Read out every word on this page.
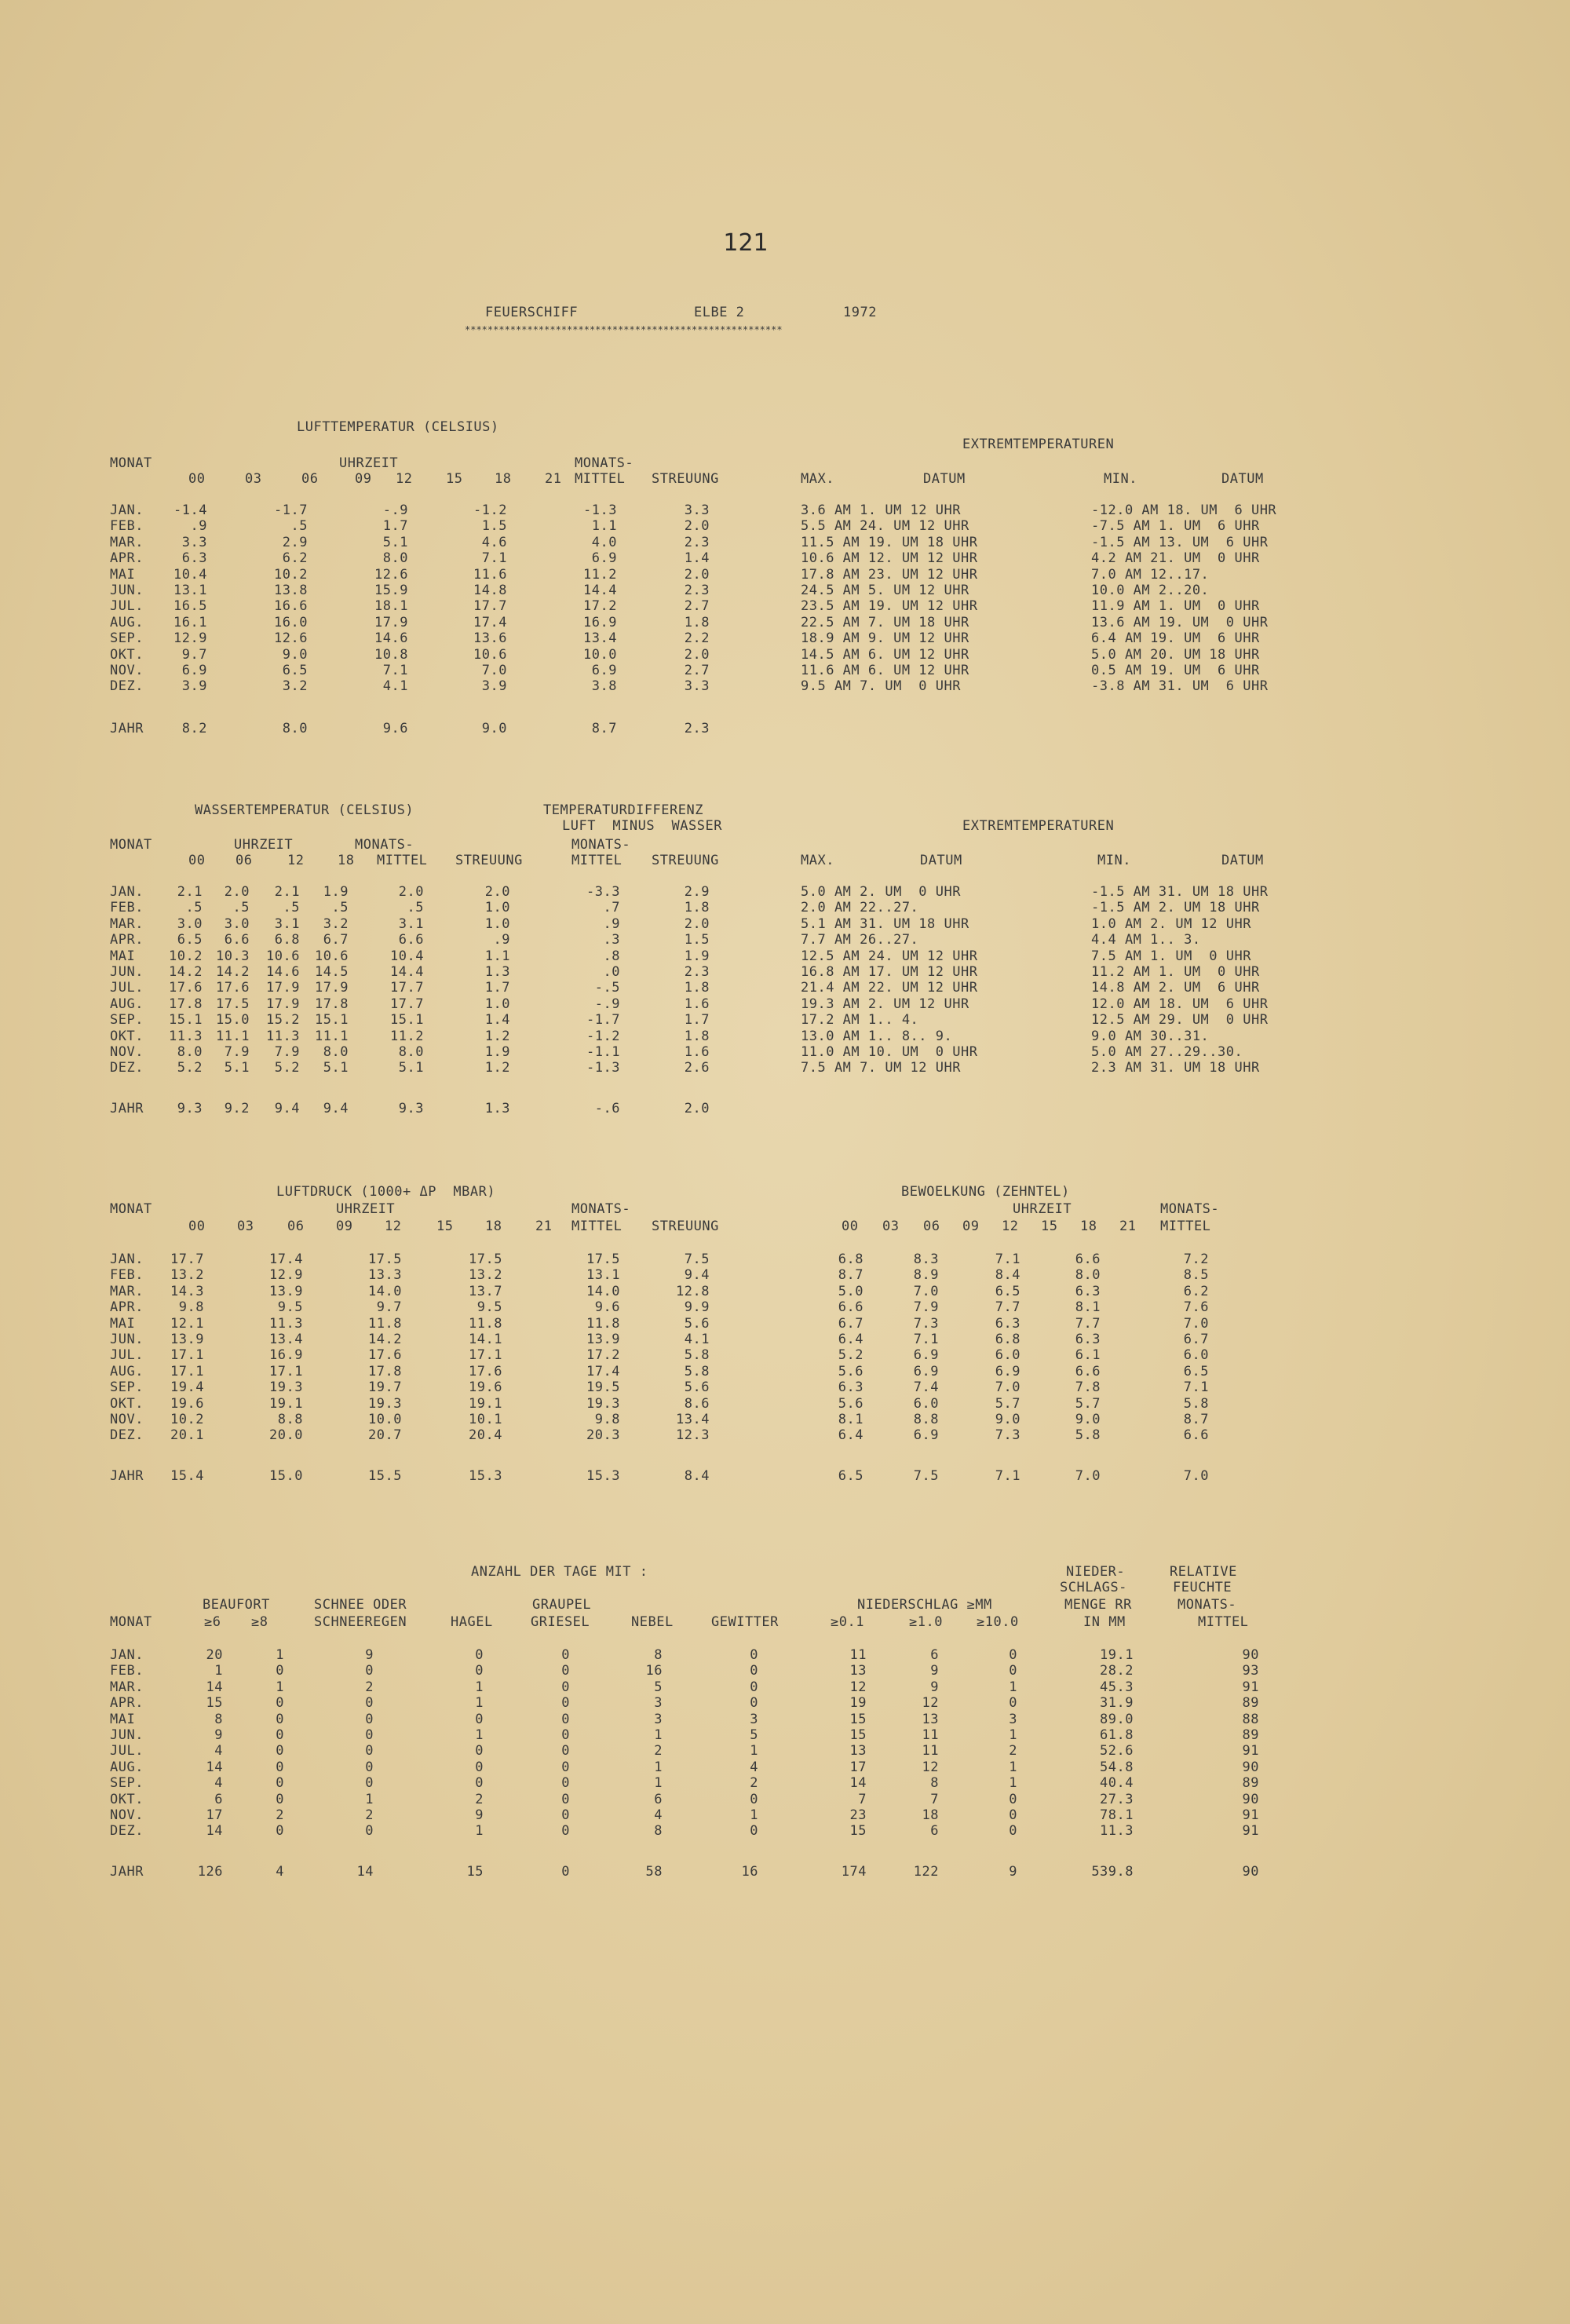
121
FEUERSCHIFF	ELBE 2	1972
********************************************************
LUFTTEMPERATUR (CELSIUS)
MONAT	UHRZEIT	MONATS-
00	03	06	09 12	15 18	21 MITTEL STREUUNG
EXTREMTEMPERATUREN
MAX.	DATUM	MIN.	DATUM
JAN.	-1.4	-1.7	-.9	-1.2	-1.3	3.3	3.6 AM 1. UM 12 UHR	-12.0 AM 18. UM  6 UHR
FEB.	.9	.5	1.7	1.5	1.1	2.0	5.5 AM 24. UM 12 UHR	-7.5 AM 1. UM  6 UHR
MAR.	3.3	2.9	5.1	4.6	4.0	2.3	11.5 AM 19. UM 18 UHR	-1.5 AM 13. UM  6 UHR
APR.	6.3	6.2	8.0	7.1	6.9	1.4	10.6 AM 12. UM 12 UHR	4.2 AM 21. UM  0 UHR
MAI	10.4	10.2	12.6	11.6	11.2	2.0	17.8 AM 23. UM 12 UHR	7.0 AM 12..17.
JUN.	13.1	13.8	15.9	14.8	14.4	2.3	24.5 AM 5. UM 12 UHR	10.0 AM 2..20.
JUL.	16.5	16.6	18.1	17.7	17.2	2.7	23.5 AM 19. UM 12 UHR	11.9 AM 1. UM  0 UHR
AUG.	16.1	16.0	17.9	17.4	16.9	1.8	22.5 AM 7. UM 18 UHR	13.6 AM 19. UM  0 UHR
SEP.	12.9	12.6	14.6	13.6	13.4	2.2	18.9 AM 9. UM 12 UHR	6.4 AM 19. UM  6 UHR
OKT.	9.7	9.0	10.8	10.6	10.0	2.0	14.5 AM 6. UM 12 UHR	5.0 AM 20. UM 18 UHR
NOV.	6.9	6.5	7.1	7.0	6.9	2.7	11.6 AM 6. UM 12 UHR	0.5 AM 19. UM  6 UHR
DEZ.	3.9	3.2	4.1	3.9	3.8	3.3	9.5 AM 7. UM  0 UHR	-3.8 AM 31. UM  6 UHR
JAHR	8.2	8.0	9.6	9.0	8.7	2.3
WASSERTEMPERATUR (CELSIUS)	TEMPERATURDIFFERENZ
LUFT  MINUS  WASSER	EXTREMTEMPERATUREN
MONAT	UHRZEIT	MONATS-	MONATS-
00 06	12	18 MITTEL STREUUNG	MITTEL STREUUNG	MAX.	DATUM	MIN.	DATUM
JAN.	2.1	2.0	2.1	1.9	2.0	2.0	-3.3	2.9	5.0 AM 2. UM  0 UHR	-1.5 AM 31. UM 18 UHR
FEB.	.5	.5	.5	.5	.5	1.0	.7	1.8	2.0 AM 22..27.	-1.5 AM 2. UM 18 UHR
MAR.	3.0	3.0	3.1	3.2	3.1	1.0	.9	2.0	5.1 AM 31. UM 18 UHR	1.0 AM 2. UM 12 UHR
APR.	6.5	6.6	6.8	6.7	6.6	.9	.3	1.5	7.7 AM 26..27.	4.4 AM 1.. 3.
MAI	10.2	10.3	10.6	10.6	10.4	1.1	.8	1.9	12.5 AM 24. UM 12 UHR	7.5 AM 1. UM  0 UHR
JUN.	14.2	14.2	14.6	14.5	14.4	1.3	.0	2.3	16.8 AM 17. UM 12 UHR	11.2 AM 1. UM  0 UHR
JUL.	17.6	17.6	17.9	17.9	17.7	1.7	-.5	1.8	21.4 AM 22. UM 12 UHR	14.8 AM 2. UM  6 UHR
AUG.	17.8	17.5	17.9	17.8	17.7	1.0	-.9	1.6	19.3 AM 2. UM 12 UHR	12.0 AM 18. UM  6 UHR
SEP.	15.1	15.0	15.2	15.1	15.1	1.4	-1.7	1.7	17.2 AM 1.. 4.	12.5 AM 29. UM  0 UHR
OKT.	11.3	11.1	11.3	11.1	11.2	1.2	-1.2	1.8	13.0 AM 1.. 8.. 9.	9.0 AM 30..31.
NOV.	8.0	7.9	7.9	8.0	8.0	1.9	-1.1	1.6	11.0 AM 10. UM  0 UHR	5.0 AM 27..29..30.
DEZ.	5.2	5.1	5.2	5.1	5.1	1.2	-1.3	2.6	7.5 AM 7. UM 12 UHR	2.3 AM 31. UM 18 UHR
JAHR	9.3	9.2	9.4	9.4	9.3	1.3	-.6	2.0
LUFTDRUCK (1000+ ΔP  MBAR)
MONAT	UHRZEIT	MONATS-
00 03	06 09 12	15 18	21 MITTEL STREUUNG
BEWOELKUNG (ZEHNTEL)
UHRZEIT	MONATS-
00 03 06 09 12 15 18 21 MITTEL
JAN.	17.7	17.4	17.5	17.5	17.5	7.5	6.8	8.3	7.1	6.6	7.2
FEB.	13.2	12.9	13.3	13.2	13.1	9.4	8.7	8.9	8.4	8.0	8.5
MAR.	14.3	13.9	14.0	13.7	14.0	12.8	5.0	7.0	6.5	6.3	6.2
APR.	9.8	9.5	9.7	9.5	9.6	9.9	6.6	7.9	7.7	8.1	7.6
MAI	12.1	11.3	11.8	11.8	11.8	5.6	6.7	7.3	6.3	7.7	7.0
JUN.	13.9	13.4	14.2	14.1	13.9	4.1	6.4	7.1	6.8	6.3	6.7
JUL.	17.1	16.9	17.6	17.1	17.2	5.8	5.2	6.9	6.0	6.1	6.0
AUG.	17.1	17.1	17.8	17.6	17.4	5.8	5.6	6.9	6.9	6.6	6.5
SEP.	19.4	19.3	19.7	19.6	19.5	5.6	6.3	7.4	7.0	7.8	7.1
OKT.	19.6	19.1	19.3	19.1	19.3	8.6	5.6	6.0	5.7	5.7	5.8
NOV.	10.2	8.8	10.0	10.1	9.8	13.4	8.1	8.8	9.0	9.0	8.7
DEZ.	20.1	20.0	20.7	20.4	20.3	12.3	6.4	6.9	7.3	5.8	6.6
JAHR	15.4	15.0	15.5	15.3	15.3	8.4	6.5	7.5	7.1	7.0	7.0
ANZAHL DER TAGE MIT :	NIEDER-	RELATIVE
SCHLAGS-	FEUCHTE
BEAUFORT	SCHNEE ODER	GRAUPEL	NIEDERSCHLAG ≥MM	MENGE RR	MONATS-
MONAT	≥6 ≥8	SCHNEEREGEN	HAGEL	GRIESEL	NEBEL	GEWITTER	≥0.1	≥1.0	≥10.0	IN MM	MITTEL
JAN.	20	1	9	0	0	8	0	11	6	0	19.1	90
FEB.	1	0	0	0	0	16	0	13	9	0	28.2	93
MAR.	14	1	2	1	0	5	0	12	9	1	45.3	91
APR.	15	0	0	1	0	3	0	19	12	0	31.9	89
MAI	8	0	0	0	0	3	3	15	13	3	89.0	88
JUN.	9	0	0	1	0	1	5	15	11	1	61.8	89
JUL.	4	0	0	0	0	2	1	13	11	2	52.6	91
AUG.	14	0	0	0	0	1	4	17	12	1	54.8	90
SEP.	4	0	0	0	0	1	2	14	8	1	40.4	89
OKT.	6	0	1	2	0	6	0	7	7	0	27.3	90
NOV.	17	2	2	9	0	4	1	23	18	0	78.1	91
DEZ.	14	0	0	1	0	8	0	15	6	0	11.3	91
JAHR	126	4	14	15	0	58	16	174	122	9	539.8	90
